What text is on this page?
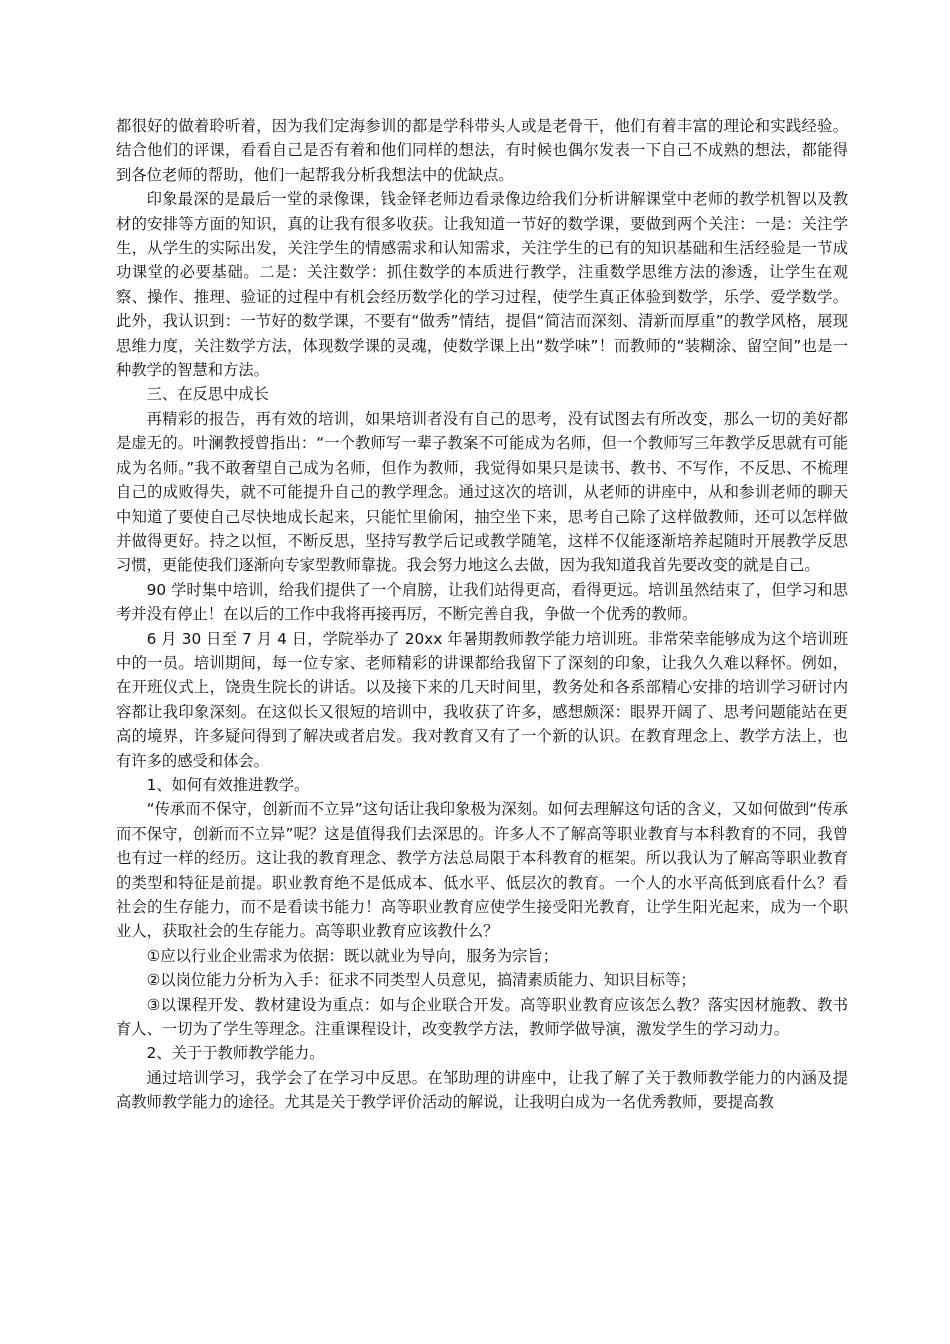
都很好的做着聆听着，因为我们定海参训的都是学科带头人或是老骨干，他们有着丰富的理论和实践经验。结合他们的评课，看看自己是否有着和他们同样的想法，有时候也偶尔发表一下自己不成熟的想法，都能得到各位老师的帮助，他们一起帮我分析我想法中的优缺点。

印象最深的是最后一堂的录像课，钱金铎老师边看录像边给我们分析讲解课堂中老师的教学机智以及教材的安排等方面的知识，真的让我有很多收获。让我知道一节好的数学课，要做到两个关注：一是：关注学生，从学生的实际出发，关注学生的情感需求和认知需求，关注学生的已有的知识基础和生活经验是一节成功课堂的必要基础。二是：关注数学：抓住数学的本质进行教学，注重数学思维方法的渗透，让学生在观察、操作、推理、验证的过程中有机会经历数学化的学习过程，使学生真正体验到数学，乐学、爱学数学。此外，我认识到：一节好的数学课，不要有“做秀”情结，提倡“简洁而深刻、清新而厚重”的教学风格，展现思维力度，关注数学方法，体现数学课的灵魂，使数学课上出“数学味”！而教师的“装糊涂、留空间”也是一种教学的智慧和方法。

三、在反思中成长

再精彩的报告，再有效的培训，如果培训者没有自己的思考，没有试图去有所改变，那么一切的美好都是虚无的。叶澜教授曾指出：“一个教师写一辈子教案不可能成为名师，但一个教师写三年教学反思就有可能成为名师。”我不敢奢望自己成为名师，但作为教师，我觉得如果只是读书、教书、不写作，不反思、不梳理自己的成败得失，就不可能提升自己的教学理念。通过这次的培训，从老师的讲座中，从和参训老师的聊天中知道了要使自己尽快地成长起来，只能忙里偷闲，抽空坐下来，思考自己除了这样做教师，还可以怎样做并做得更好。持之以恒，不断反思，坚持写教学后记或教学随笔，这样不仅能逐渐培养起随时开展教学反思习惯，更能使我们逐渐向专家型教师靠拢。我会努力地这么去做，因为我知道我首先要改变的就是自己。

90 学时集中培训，给我们提供了一个肩膀，让我们站得更高，看得更远。培训虽然结束了，但学习和思考并没有停止！在以后的工作中我将再接再厉，不断完善自我，争做一个优秀的教师。

6 月 30 日至 7 月 4 日，学院举办了 20xx 年暑期教师教学能力培训班。非常荣幸能够成为这个培训班中的一员。培训期间，每一位专家、老师精彩的讲课都给我留下了深刻的印象，让我久久难以释怀。例如，在开班仪式上，饶贵生院长的讲话。以及接下来的几天时间里，教务处和各系部精心安排的培训学习研讨内容都让我印象深刻。在这似长又很短的培训中，我收获了许多，感想颇深：眼界开阔了、思考问题能站在更高的境界，许多疑问得到了解决或者启发。我对教育又有了一个新的认识。在教育理念上、教学方法上，也有许多的感受和体会。

1、如何有效推进教学。

“传承而不保守，创新而不立异”这句话让我印象极为深刻。如何去理解这句话的含义，又如何做到“传承而不保守，创新而不立异”呢？这是值得我们去深思的。许多人不了解高等职业教育与本科教育的不同，我曾也有过一样的经历。这让我的教育理念、教学方法总局限于本科教育的框架。所以我认为了解高等职业教育的类型和特征是前提。职业教育绝不是低成本、低水平、低层次的教育。一个人的水平高低到底看什么？看社会的生存能力，而不是看读书能力！高等职业教育应使学生接受阳光教育，让学生阳光起来，成为一个职业人，获取社会的生存能力。高等职业教育应该教什么？

①应以行业企业需求为依据：既以就业为导向，服务为宗旨；

②以岗位能力分析为入手：征求不同类型人员意见，搞清素质能力、知识目标等；

③以课程开发、教材建设为重点：如与企业联合开发。高等职业教育应该怎么教？落实因材施教、教书育人、一切为了学生等理念。注重课程设计，改变教学方法，教师学做导演，激发学生的学习动力。

2、关于于教师教学能力。

通过培训学习，我学会了在学习中反思。在邹助理的讲座中，让我了解了关于教师教学能力的内涵及提高教师教学能力的途径。尤其是关于教学评价活动的解说，让我明白成为一名优秀教师，要提高教
